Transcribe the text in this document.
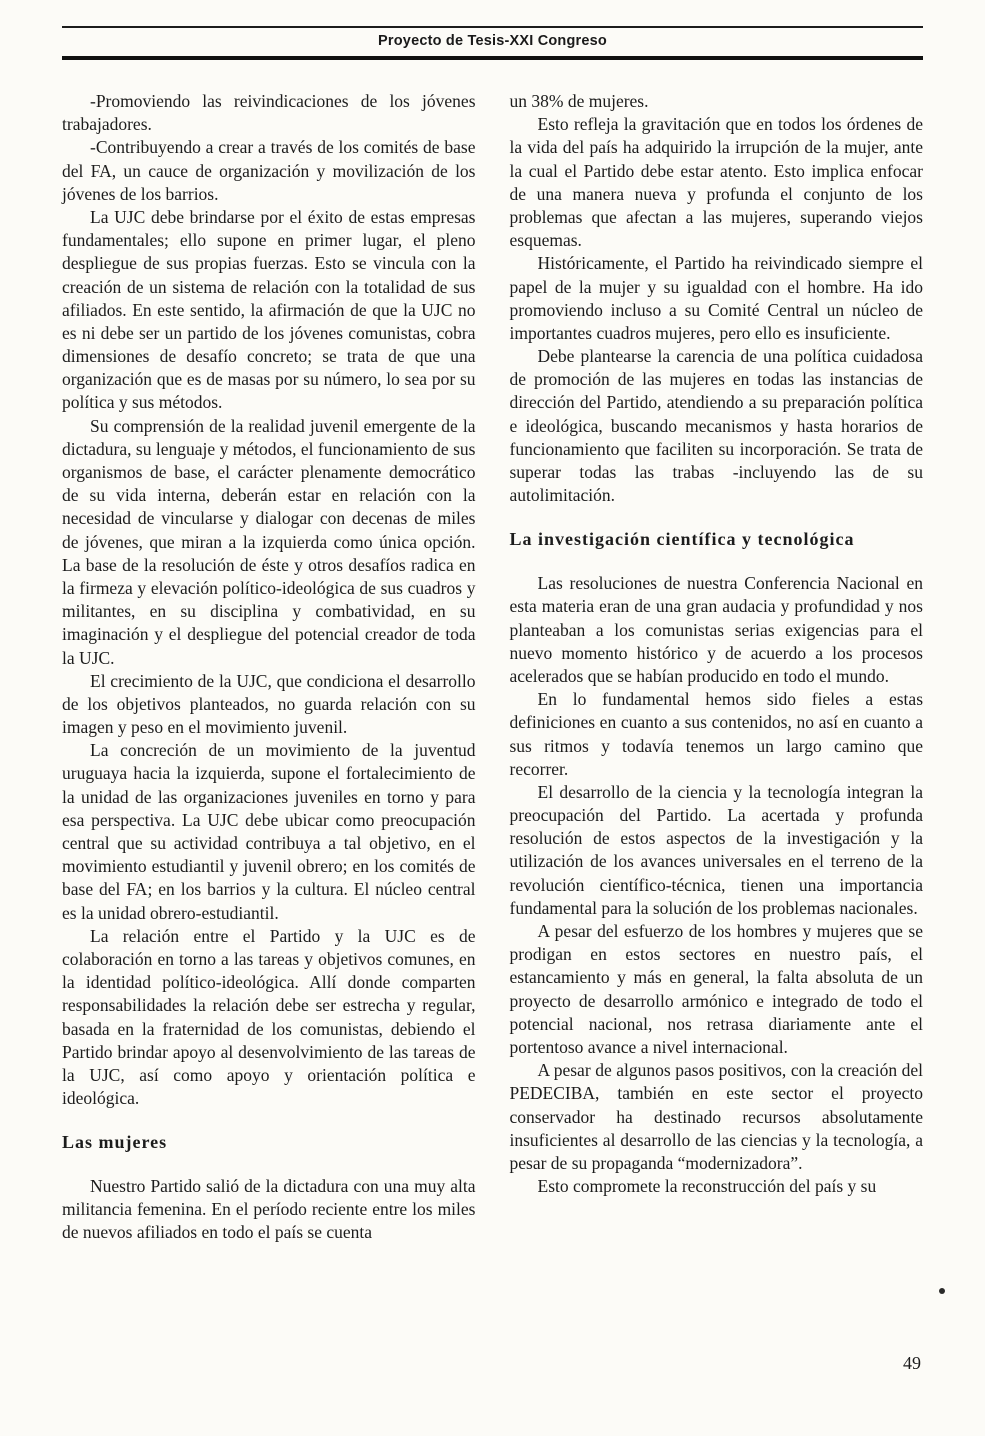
Proyecto de Tesis-XXI Congreso

-Promoviendo las reivindicaciones de los jóvenes trabajadores.

-Contribuyendo a crear a través de los comités de base del FA, un cauce de organización y movilización de los jóvenes de los barrios.

La UJC debe brindarse por el éxito de estas empresas fundamentales; ello supone en primer lugar, el pleno despliegue de sus propias fuerzas. Esto se vincula con la creación de un sistema de relación con la totalidad de sus afiliados. En este sentido, la afirmación de que la UJC no es ni debe ser un partido de los jóvenes comunistas, cobra dimensiones de desafío concreto; se trata de que una organización que es de masas por su número, lo sea por su política y sus métodos.

Su comprensión de la realidad juvenil emergente de la dictadura, su lenguaje y métodos, el funcionamiento de sus organismos de base, el carácter plenamente democrático de su vida interna, deberán estar en relación con la necesidad de vincularse y dialogar con decenas de miles de jóvenes, que miran a la izquierda como única opción. La base de la resolución de éste y otros desafíos radica en la firmeza y elevación político-ideológica de sus cuadros y militantes, en su disciplina y combatividad, en su imaginación y el despliegue del potencial creador de toda la UJC.

El crecimiento de la UJC, que condiciona el desarrollo de los objetivos planteados, no guarda relación con su imagen y peso en el movimiento juvenil.

La concreción de un movimiento de la juventud uruguaya hacia la izquierda, supone el fortalecimiento de la unidad de las organizaciones juveniles en torno y para esa perspectiva. La UJC debe ubicar como preocupación central que su actividad contribuya a tal objetivo, en el movimiento estudiantil y juvenil obrero; en los comités de base del FA; en los barrios y la cultura. El núcleo central es la unidad obrero-estudiantil.

La relación entre el Partido y la UJC es de colaboración en torno a las tareas y objetivos comunes, en la identidad político-ideológica. Allí donde comparten responsabilidades la relación debe ser estrecha y regular, basada en la fraternidad de los comunistas, debiendo el Partido brindar apoyo al desenvolvimiento de las tareas de la UJC, así como apoyo y orientación política e ideológica.

Las mujeres

Nuestro Partido salió de la dictadura con una muy alta militancia femenina. En el período reciente entre los miles de nuevos afiliados en todo el país se cuenta

un 38% de mujeres.

Esto refleja la gravitación que en todos los órdenes de la vida del país ha adquirido la irrupción de la mujer, ante la cual el Partido debe estar atento. Esto implica enfocar de una manera nueva y profunda el conjunto de los problemas que afectan a las mujeres, superando viejos esquemas.

Históricamente, el Partido ha reivindicado siempre el papel de la mujer y su igualdad con el hombre. Ha ido promoviendo incluso a su Comité Central un núcleo de importantes cuadros mujeres, pero ello es insuficiente.

Debe plantearse la carencia de una política cuidadosa de promoción de las mujeres en todas las instancias de dirección del Partido, atendiendo a su preparación política e ideológica, buscando mecanismos y hasta horarios de funcionamiento que faciliten su incorporación. Se trata de superar todas las trabas -incluyendo las de su autolimitación.

La investigación científica y tecnológica

Las resoluciones de nuestra Conferencia Nacional en esta materia eran de una gran audacia y profundidad y nos planteaban a los comunistas serias exigencias para el nuevo momento histórico y de acuerdo a los procesos acelerados que se habían producido en todo el mundo.

En lo fundamental hemos sido fieles a estas definiciones en cuanto a sus contenidos, no así en cuanto a sus ritmos y todavía tenemos un largo camino que recorrer.

El desarrollo de la ciencia y la tecnología integran la preocupación del Partido. La acertada y profunda resolución de estos aspectos de la investigación y la utilización de los avances universales en el terreno de la revolución científico-técnica, tienen una importancia fundamental para la solución de los problemas nacionales.

A pesar del esfuerzo de los hombres y mujeres que se prodigan en estos sectores en nuestro país, el estancamiento y más en general, la falta absoluta de un proyecto de desarrollo armónico e integrado de todo el potencial nacional, nos retrasa diariamente ante el portentoso avance a nivel internacional.

A pesar de algunos pasos positivos, con la creación del PEDECIBA, también en este sector el proyecto conservador ha destinado recursos absolutamente insuficientes al desarrollo de las ciencias y la tecnología, a pesar de su propaganda “modernizadora”.

Esto compromete la reconstrucción del país y su

49
